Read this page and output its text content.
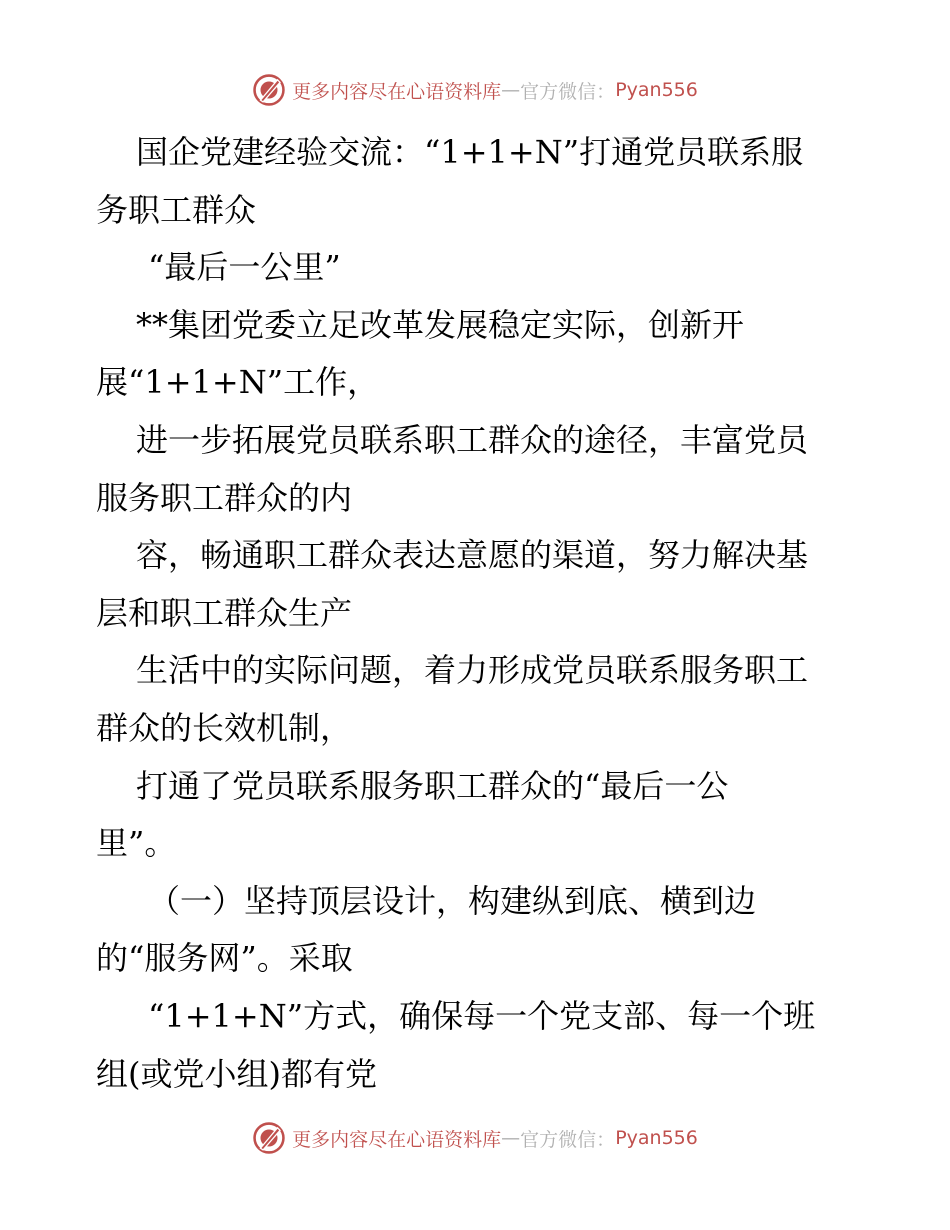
更多内容尽在心语资料库 — 官方微信： Pyan556
国企党建经验交流：“1+1+N”打通党员联系服
务职工群众
“最后一公里”
**集团党委立足改革发展稳定实际，创新开
展“1+1+N”工作，
进一步拓展党员联系职工群众的途径，丰富党员
服务职工群众的内
容，畅通职工群众表达意愿的渠道，努力解决基
层和职工群众生产
生活中的实际问题，着力形成党员联系服务职工
群众的长效机制，
打通了党员联系服务职工群众的“最后一公
里”。
（一）坚持顶层设计，构建纵到底、横到边
的“服务网”。采取
“1+1+N”方式，确保每一个党支部、每一个班
组(或党小组)都有党
更多内容尽在心语资料库 — 官方微信： Pyan556
